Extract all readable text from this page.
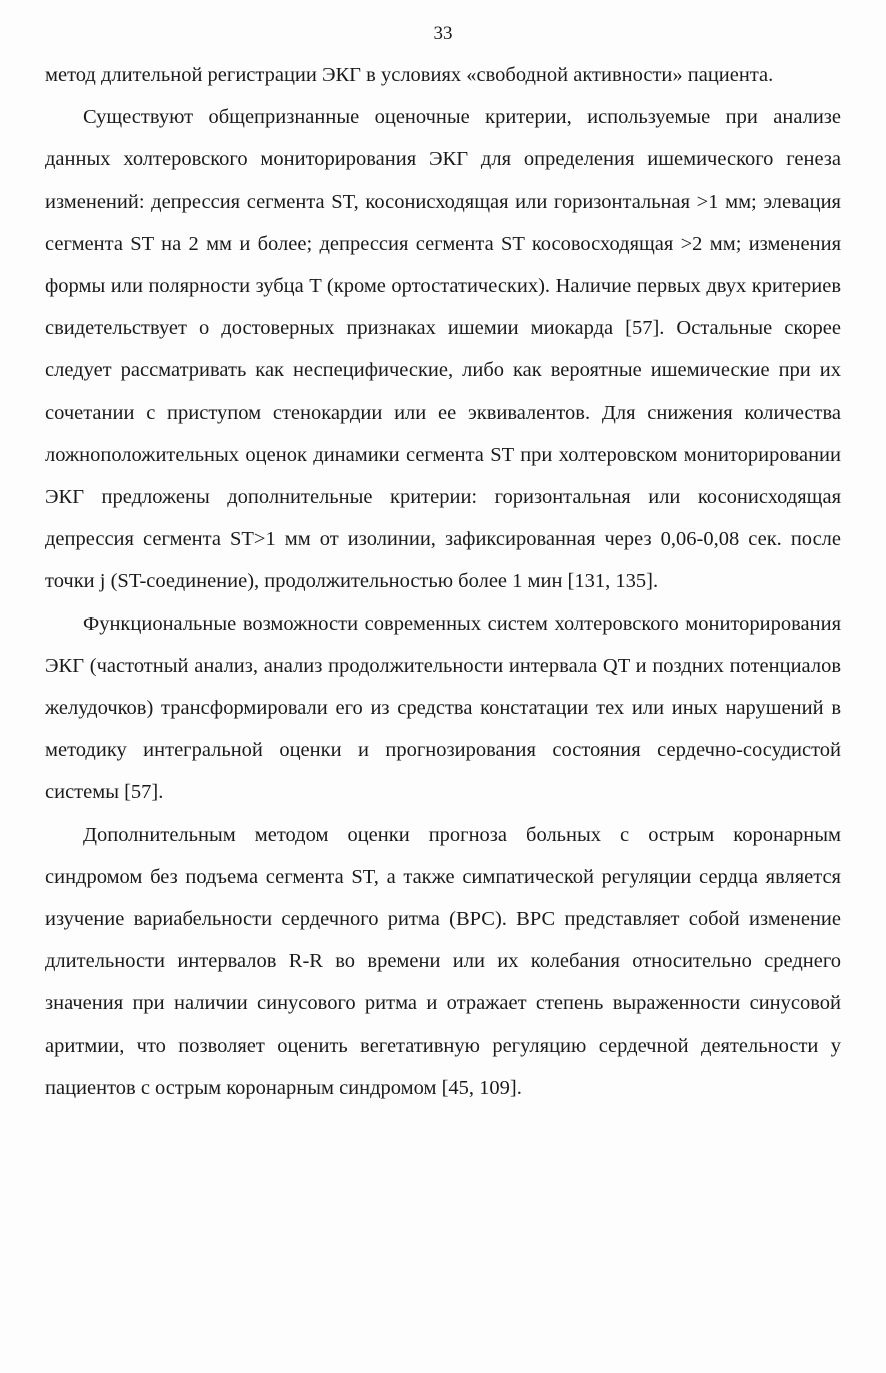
33

метод длительной регистрации ЭКГ в условиях «свободной активности» пациента.

Существуют общепризнанные оценочные критерии, используемые при анализе данных холтеровского мониторирования ЭКГ для определения ишемического генеза изменений: депрессия сегмента ST, косонисходящая или горизонтальная >1 мм; элевация сегмента ST на 2 мм и более; депрессия сегмента ST косовосходящая >2 мм; изменения формы или полярности зубца T (кроме ортостатических). Наличие первых двух критериев свидетельствует о достоверных признаках ишемии миокарда [57]. Остальные скорее следует рассматривать как неспецифические, либо как вероятные ишемические при их сочетании с приступом стенокардии или ее эквивалентов. Для снижения количества ложноположительных оценок динамики сегмента ST при холтеровском мониторировании ЭКГ предложены дополнительные критерии: горизонтальная или косонисходящая депрессия сегмента ST>1 мм от изолинии, зафиксированная через 0,06-0,08 сек. после точки j (ST-соединение), продолжительностью более 1 мин [131, 135].

Функциональные возможности современных систем холтеровского мониторирования ЭКГ (частотный анализ, анализ продолжительности интервала QT и поздних потенциалов желудочков) трансформировали его из средства констатации тех или иных нарушений в методику интегральной оценки и прогнозирования состояния сердечно-сосудистой системы [57].

Дополнительным методом оценки прогноза больных с острым коронарным синдромом без подъема сегмента ST, а также симпатической регуляции сердца является изучение вариабельности сердечного ритма (ВРС). ВРС представляет собой изменение длительности интервалов R-R во времени или их колебания относительно среднего значения при наличии синусового ритма и отражает степень выраженности синусовой аритмии, что позволяет оценить вегетативную регуляцию сердечной деятельности у пациентов с острым коронарным синдромом [45, 109].
